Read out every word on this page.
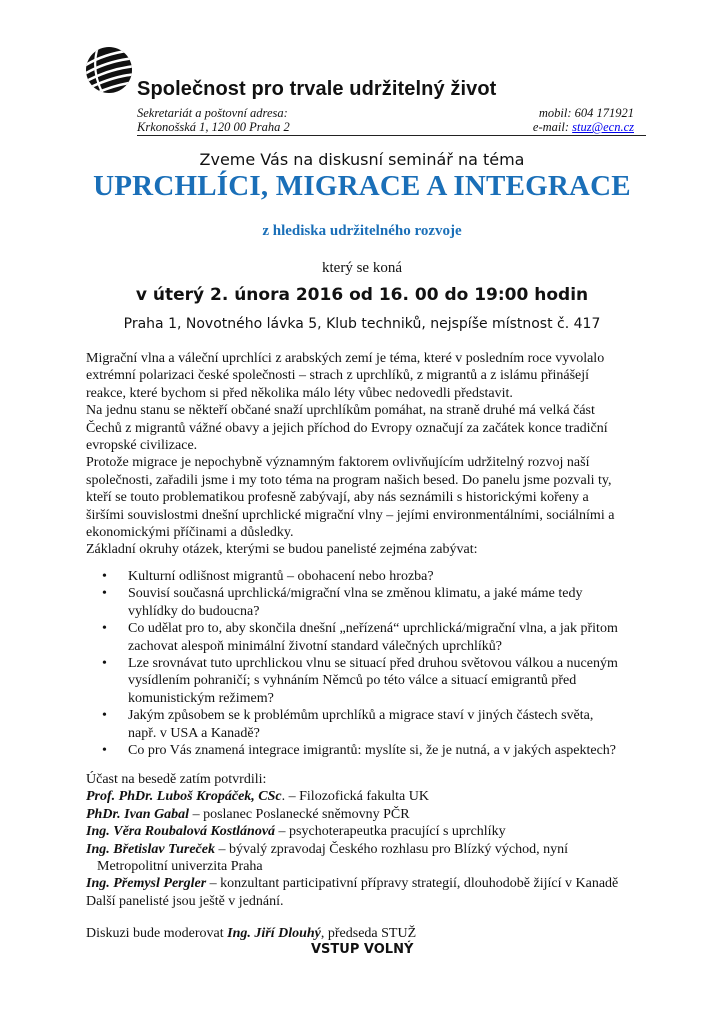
Společnost pro trvale udržitelný život
Sekretariát a poštovní adresa:
Krkonošská 1, 120 00 Praha 2
mobil: 604 171921
e-mail: stuz@ecn.cz
Zveme Vás na diskusní seminář na téma
UPRCHLÍCI, MIGRACE A INTEGRACE
z hlediska udržitelného rozvoje
který se koná
v úterý 2. února 2016 od 16. 00 do 19:00 hodin
Praha 1, Novotného lávka 5, Klub techniků, nejspíše místnost č. 417

Migrační vlna a váleční uprchlíci z arabských zemí je téma, které v posledním roce vyvolalo

extrémní polarizaci české společnosti – strach z uprchlíků, z migrantů a z islámu přinášejí

reakce, které bychom si před několika málo léty vůbec nedovedli představit.

Na jednu stanu se někteří občané snaží uprchlíkům pomáhat, na straně druhé má velká část

Čechů z migrantů vážné obavy a jejich příchod do Evropy označují za začátek konce tradiční

evropské civilizace.

Protože migrace je nepochybně významným faktorem ovlivňujícím udržitelný rozvoj naší

společnosti, zařadili jsme i my toto téma na program našich besed. Do panelu jsme pozvali ty,

kteří se touto problematikou profesně zabývají, aby nás seznámili s historickými kořeny a

širšími souvislostmi dnešní uprchlické migrační vlny – jejími environmentálními, sociálními a

ekonomickými příčinami a důsledky.

Základní okruhy otázek, kterými se budou panelisté zejména zabývat:

• Kulturní odlišnost migrantů – obohacení nebo hrozba?
• Souvisí současná uprchlická/migrační vlna se změnou klimatu, a jaké máme tedy
vyhlídky do budoucna?
• Co udělat pro to, aby skončila dnešní „neřízená“ uprchlická/migrační vlna, a jak přitom
zachovat alespoň minimální životní standard válečných uprchlíků?
• Lze srovnávat tuto uprchlickou vlnu se situací před druhou světovou válkou a nuceným
vysídlením pohraničí; s vyhnáním Němců po této válce a situací emigrantů před
komunistickým režimem?
• Jakým způsobem se k problémům uprchlíků a migrace staví v jiných částech světa,
např. v USA a Kanadě?
• Co pro Vás znamená integrace imigrantů: myslíte si, že je nutná, a v jakých aspektech?

Účast na besedě zatím potvrdili:

Prof. PhDr. Luboš Kropáček, CSc. – Filozofická fakulta UK

PhDr. Ivan Gabal – poslanec Poslanecké sněmovny PČR

Ing. Věra Roubalová Kostlánová – psychoterapeutka pracující s uprchlíky

Ing. Břetislav Tureček – bývalý zpravodaj Českého rozhlasu pro Blízký východ, nyní

Metropolitní univerzita Praha

Ing. Přemysl Pergler – konzultant participativní přípravy strategií, dlouhodobě žijící v Kanadě

Další panelisté jsou ještě v jednání.

Diskuzi bude moderovat Ing. Jiří Dlouhý, předseda STUŽ
VSTUP VOLNÝ
